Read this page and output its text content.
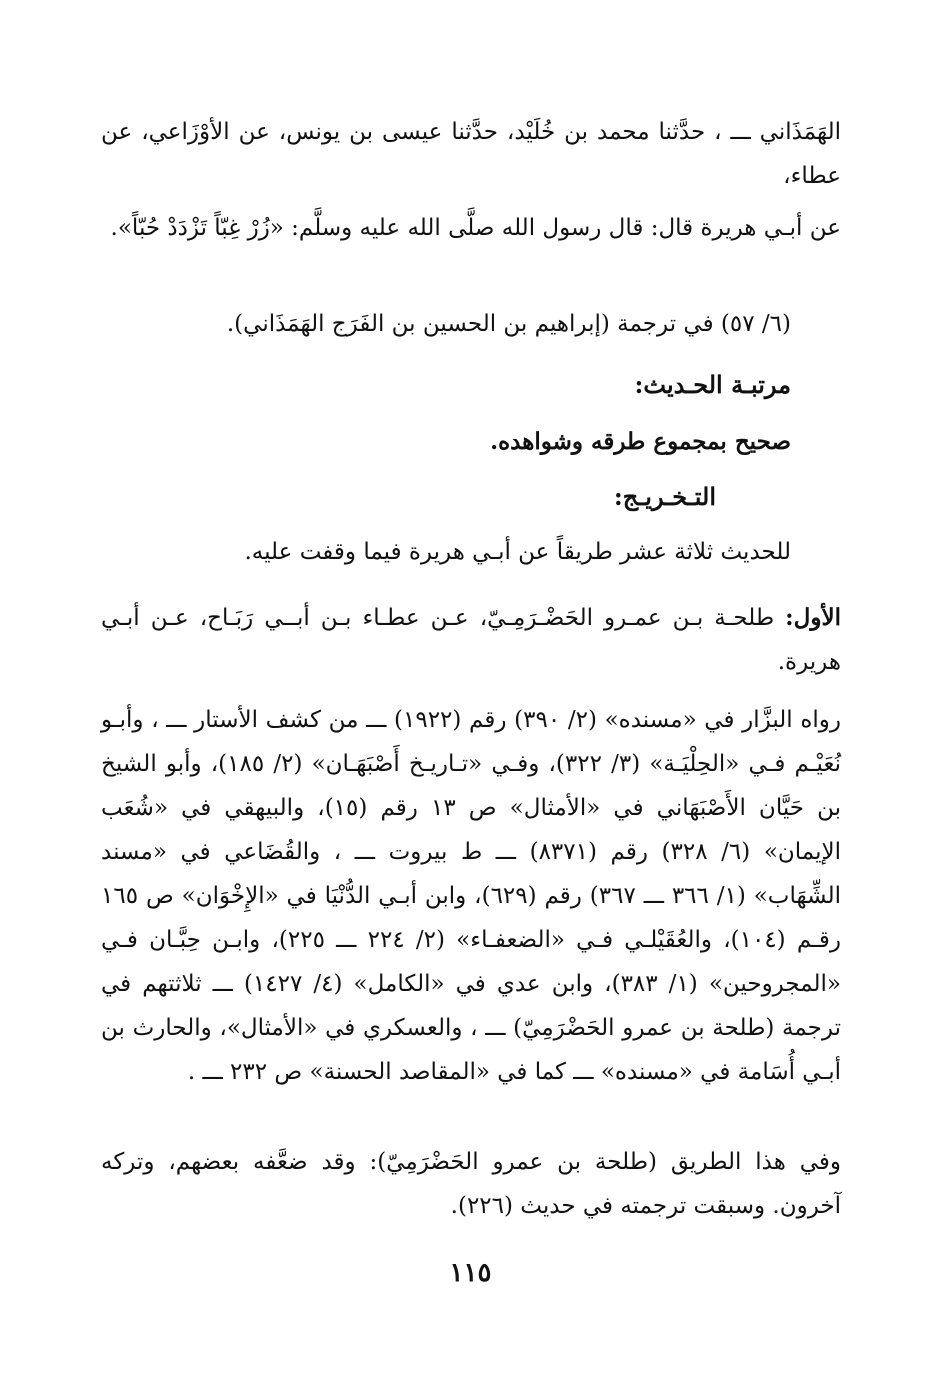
الهَمَذَاني ـــ ، حدَّثنا محمد بن خُلَيْد، حدَّثنا عيسى بن يونس، عن الأوْزَاعي، عن عطاء،

عن أبـي هريرة قال: قال رسول الله صلَّى الله عليه وسلَّم: «زُرْ غِبّاً تَزْدَدْ حُبّاً».

(٦/ ٥٧) في ترجمة (إبراهيم بن الحسين بن الفَرَج الهَمَذَاني).

مرتبـة الحـديث:

صحيح بمجموع طرقه وشواهده.

التـخـريـج:

للحديث ثلاثة عشر طريقاً عن أبـي هريرة فيما وقفت عليه.

الأول: طلحـة بـن عمـرو الحَضْـرَمِـيّ، عـن عطـاء بـن أبــي رَبَـاح، عـن أبـي هريرة.

رواه البزَّار في «مسنده» (٢/ ٣٩٠) رقم (١٩٢٢) ـــ من كشف الأستار ـــ ، وأبـو نُعَيْـم فـي «الحِلْيَـة» (٣/ ٣٢٢)، وفـي «تـاريـخ أَصْبَهَـان» (٢/ ١٨٥)، وأبو الشيخ بن حَيَّان الأَصْبَهَاني في «الأمثال» ص ١٣ رقم (١٥)، والبيهقي في «شُعَب الإيمان» (٦/ ٣٢٨) رقم (٨٣٧١) ـــ ط بيروت ـــ ، والقُضَاعي في «مسند الشِّهَاب» (١/ ٣٦٦ ـــ ٣٦٧) رقم (٦٢٩)، وابن أبـي الدُّنْيَا في «الإِخْوَان» ص ١٦٥ رقـم (١٠٤)، والعُقَيْلـي فـي «الضعفـاء» (٢/ ٢٢٤ ـــ ٢٢٥)، وابـن حِبَّـان فـي «المجروحين» (١/ ٣٨٣)، وابن عدي في «الكامل» (٤/ ١٤٢٧) ـــ ثلاثتهم في ترجمة (طلحة بن عمرو الحَضْرَمِيّ) ـــ ، والعسكري في «الأمثال»، والحارث بن أبـي أُسَامة في «مسنده» ـــ كما في «المقاصد الحسنة» ص ٢٣٢ ـــ .

وفي هذا الطريق (طلحة بن عمرو الحَضْرَمِيّ): وقد ضعَّفه بعضهم، وتركه آخرون. وسبقت ترجمته في حديث (٢٢٦).

١١٥
